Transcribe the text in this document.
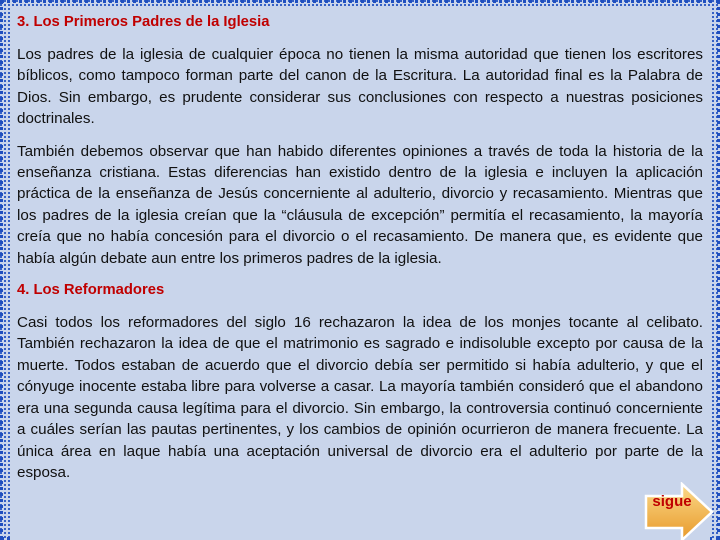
3. Los Primeros Padres de la Iglesia

Los padres de la iglesia de cualquier época no tienen la misma autoridad que tienen los escritores bíblicos, como tampoco forman parte del canon de la Escritura. La autoridad final es la Palabra de Dios. Sin embargo, es prudente considerar sus conclusiones con respecto a nuestras posiciones doctrinales.

También debemos observar que han habido diferentes opiniones a través de toda la historia de la enseñanza cristiana. Estas diferencias han existido dentro de la iglesia e incluyen la aplicación práctica de la enseñanza de Jesús concerniente al adulterio, divorcio y recasamiento. Mientras que los padres de la iglesia creían que la “cláusula de excepción” permitía el recasamiento, la mayoría creía que no había concesión para el divorcio o el recasamiento. De manera que, es evidente que había algún debate aun entre los primeros padres de la iglesia.

4. Los Reformadores

Casi todos los reformadores del siglo 16 rechazaron la idea de los monjes tocante al celibato. También rechazaron la idea de que el matrimonio es sagrado e indisoluble excepto por causa de la muerte. Todos estaban de acuerdo que el divorcio debía ser permitido si había adulterio, y que el cónyuge inocente estaba libre para volverse a casar. La mayoría también consideró que el abandono era una segunda causa legítima para el divorcio. Sin embargo, la controversia continuó concerniente a cuáles serían las pautas pertinentes, y los cambios de opinión ocurrieron de manera frecuente. La única área en laque había una aceptación universal de divorcio era el adulterio por parte de la esposa.

sigue
